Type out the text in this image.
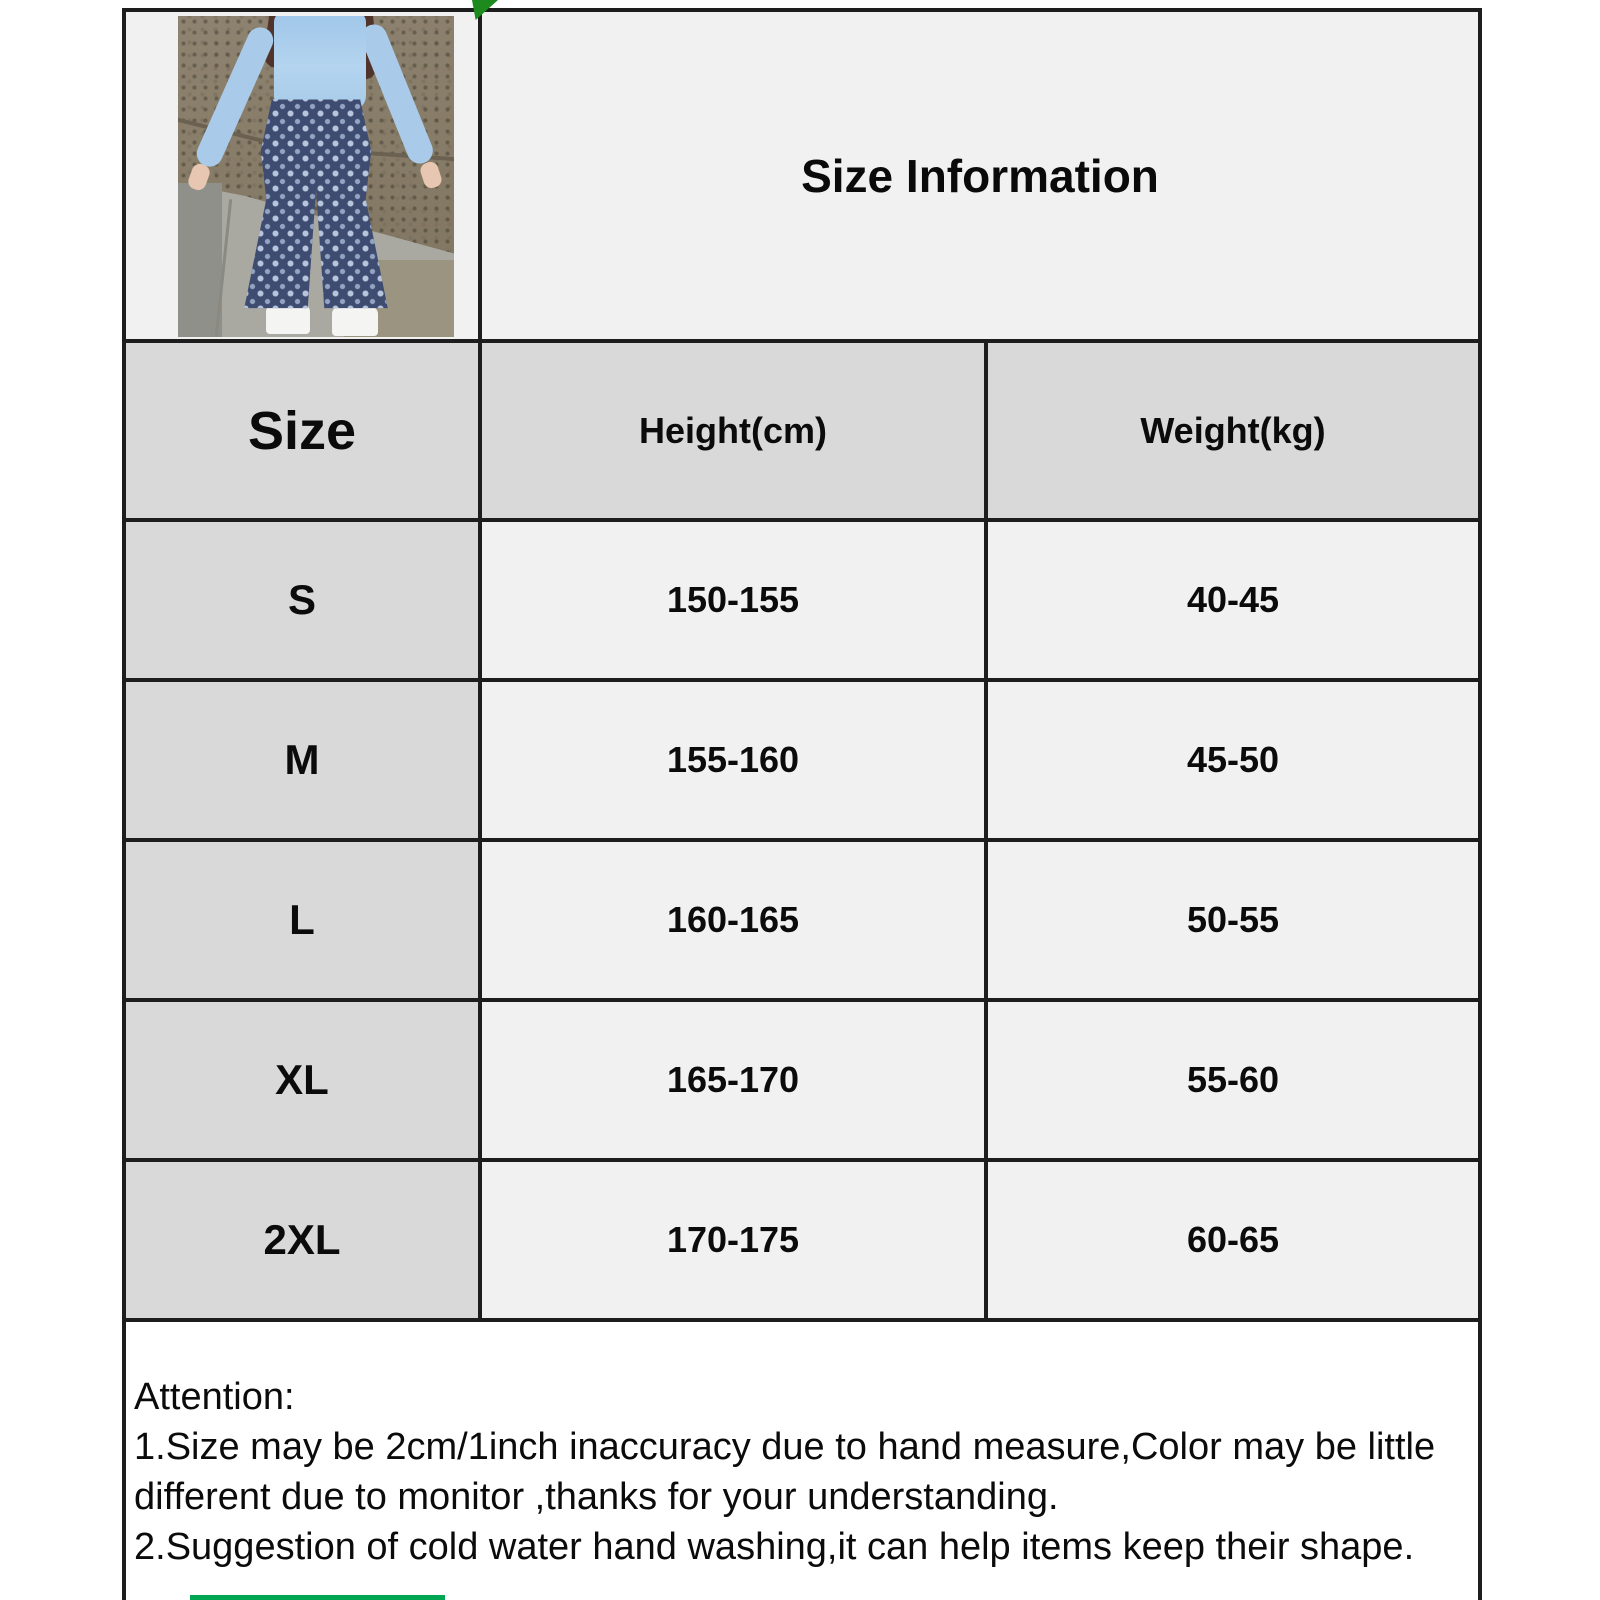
	Size Information	
Size	Height(cm)	Weight(kg)
S	150-155	40-45
M	155-160	45-50
L	160-165	50-55
XL	165-170	55-60
2XL	170-175	60-65

Attention:
1.Size may be 2cm/1inch inaccuracy due to hand measure,Color may be little different due to monitor ,thanks for your understanding.
2.Suggestion of cold water hand washing,it can help items keep their shape.		
